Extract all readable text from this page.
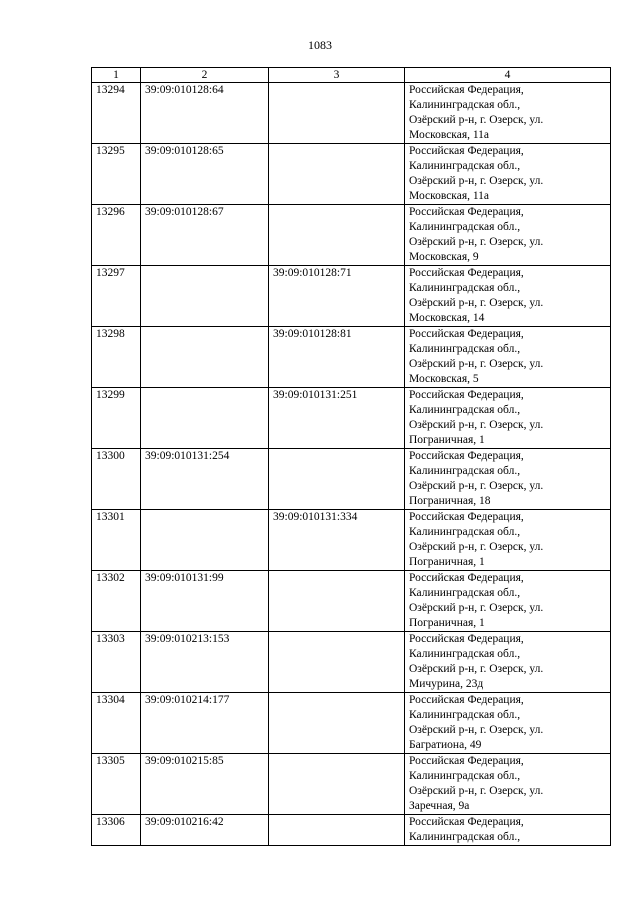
1083
1	2	3	4
13294	39:09:010128:64		Российская Федерация,
Калининградская обл.,
Озёрский р-н, г. Озерск, ул.
Московская, 11а

13295	39:09:010128:65		Российская Федерация,
Калининградская обл.,
Озёрский р-н, г. Озерск, ул.
Московская, 11а

13296	39:09:010128:67		Российская Федерация,
Калининградская обл.,
Озёрский р-н, г. Озерск, ул.
Московская, 9

13297		39:09:010128:71	Российская Федерация,
Калининградская обл.,
Озёрский р-н, г. Озерск, ул.
Московская, 14

13298		39:09:010128:81	Российская Федерация,
Калининградская обл.,
Озёрский р-н, г. Озерск, ул.
Московская, 5

13299		39:09:010131:251	Российская Федерация,
Калининградская обл.,
Озёрский р-н, г. Озерск, ул.
Пограничная, 1

13300	39:09:010131:254		Российская Федерация,
Калининградская обл.,
Озёрский р-н, г. Озерск, ул.
Пограничная, 18

13301		39:09:010131:334	Российская Федерация,
Калининградская обл.,
Озёрский р-н, г. Озерск, ул.
Пограничная, 1

13302	39:09:010131:99		Российская Федерация,
Калининградская обл.,
Озёрский р-н, г. Озерск, ул.
Пограничная, 1

13303	39:09:010213:153		Российская Федерация,
Калининградская обл.,
Озёрский р-н, г. Озерск, ул.
Мичурина, 23д

13304	39:09:010214:177		Российская Федерация,
Калининградская обл.,
Озёрский р-н, г. Озерск, ул.
Багратиона, 49

13305	39:09:010215:85		Российская Федерация,
Калининградская обл.,
Озёрский р-н, г. Озерск, ул.
Заречная, 9а

13306	39:09:010216:42		Российская Федерация,
Калининградская обл.,
